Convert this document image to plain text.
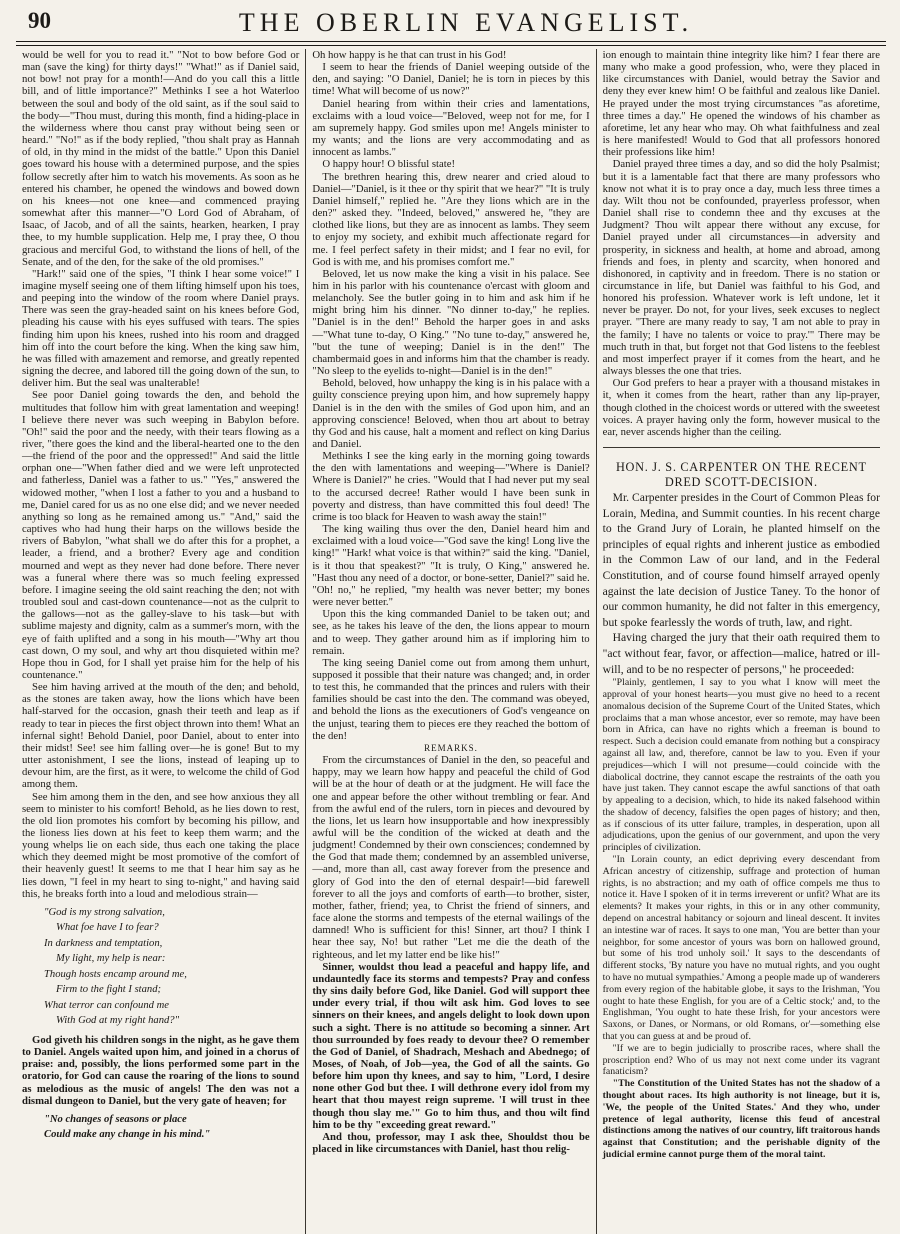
90	THE OBERLIN EVANGELIST.

would be well for you to read it." "Not to bow before God or man (save the king) for thirty days!" "What!" as if Daniel said, not bow! not pray for a month!—And do you call this a little bill, and of little importance?" Methinks I see a hot Waterloo between the soul and body of the old saint, as if the soul said to the body—"Thou must, during this month, find a hiding-place in the wilderness where thou canst pray without being seen or heard." "No!" as if the body replied, "thou shalt pray as Hannah of old, in thy mind in the midst of the battle." Upon this Daniel goes toward his house with a determined purpose, and the spies follow secretly after him to watch his movements. As soon as he entered his chamber, he opened the windows and bowed down on his knees—not one knee—and commenced praying somewhat after this manner—"O Lord God of Abraham, of Isaac, of Jacob, and of all the saints, hearken, hearken, I pray thee, to my humble supplication. Help me, I pray thee, O thou gracious and merciful God, to withstand the lions of hell, of the Senate, and of the den, for the sake of the old promises."

"Hark!" said one of the spies, "I think I hear some voice!" I imagine myself seeing one of them lifting himself upon his toes, and peeping into the window of the room where Daniel prays. There was seen the gray-headed saint on his knees before God, pleading his cause with his eyes suffused with tears. The spies finding him upon his knees, rushed into his room and dragged him off into the court before the king. When the king saw him, he was filled with amazement and remorse, and greatly repented signing the decree, and labored till the going down of the sun, to deliver him. But the seal was unalterable!

See poor Daniel going towards the den, and behold the multitudes that follow him with great lamentation and weeping! I believe there never was such weeping in Babylon before. "Oh!" said the poor and the needy, with their tears flowing as a river, "there goes the kind and the liberal-hearted one to the den—the friend of the poor and the oppressed!" And said the little orphan one—"When father died and we were left unprotected and fatherless, Daniel was a father to us." "Yes," answered the widowed mother, "when I lost a father to you and a husband to me, Daniel cared for us as no one else did; and we never needed anything so long as he remained among us." "And," said the captives who had hung their harps on the willows beside the rivers of Babylon, "what shall we do after this for a prophet, a leader, a friend, and a brother? Every age and condition mourned and wept as they never had done before. There never was a funeral where there was so much feeling expressed before. I imagine seeing the old saint reaching the den; not with troubled soul and cast-down countenance—not as the culprit to the gallows—not as the galley-slave to his task—but with sublime majesty and dignity, calm as a summer's morn, with the eye of faith uplifted and a song in his mouth—"Why art thou cast down, O my soul, and why art thou disquieted within me? Hope thou in God, for I shall yet praise him for the help of his countenance."

See him having arrived at the mouth of the den; and behold, as the stones are taken away, how the lions which have been half-starved for the occasion, gnash their teeth and leap as if ready to tear in pieces the first object thrown into them! What an infernal sight! Behold Daniel, poor Daniel, about to enter into their midst! See! see him falling over—he is gone! But to my utter astonishment, I see the lions, instead of leaping up to devour him, are the first, as it were, to welcome the child of God among them.

See him among them in the den, and see how anxious they all seem to minister to his comfort! Behold, as he lies down to rest, the old lion promotes his comfort by becoming his pillow, and the lioness lies down at his feet to keep them warm; and the young whelps lie on each side, thus each one taking the place which they deemed might be most promotive of the comfort of their heavenly guest! It seems to me that I hear him say as he lies down, "I feel in my heart to sing to-night," and having said this, he breaks forth into a loud and melodious strain—

"God is my strong salvation,
What foe have I to fear?
In darkness and temptation,
My light, my help is near:
Though hosts encamp around me,
Firm to the fight I stand;
What terror can confound me
With God at my right hand?"

God giveth his children songs in the night, as he gave them to Daniel. Angels waited upon him, and joined in a chorus of praise: and, possibly, the lions performed some part in the oratorio, for God can cause the roaring of the lions to sound as melodious as the music of angels! The den was not a dismal dungeon to Daniel, but the very gate of heaven; for

"No changes of seasons or place
Could make any change in his mind."

Oh how happy is he that can trust in his God!

I seem to hear the friends of Daniel weeping outside of the den, and saying: "O Daniel, Daniel; he is torn in pieces by this time! What will become of us now?"

Daniel hearing from within their cries and lamentations, exclaims with a loud voice—"Beloved, weep not for me, for I am supremely happy. God smiles upon me! Angels minister to my wants; and the lions are very accommodating and as innocent as lambs."

O happy hour! O blissful state!

The brethren hearing this, drew nearer and cried aloud to Daniel—"Daniel, is it thee or thy spirit that we hear?" "It is truly Daniel himself," replied he. "Are they lions which are in the den?" asked they. "Indeed, beloved," answered he, "they are clothed like lions, but they are as innocent as lambs. They seem to enjoy my society, and exhibit much affectionate regard for me. I feel perfect safety in their midst; and I fear no evil, for God is with me, and his promises comfort me."

Beloved, let us now make the king a visit in his palace. See him in his parlor with his countenance o'ercast with gloom and melancholy. See the butler going in to him and ask him if he might bring him his dinner. "No dinner to-day," he replies. "Daniel is in the den!" Behold the harper goes in and asks—"What tune to-day, O King." "No tune to-day," answered he, "but the tune of weeping; Daniel is in the den!" The chambermaid goes in and informs him that the chamber is ready. "No sleep to the eyelids to-night—Daniel is in the den!"

Behold, beloved, how unhappy the king is in his palace with a guilty conscience preying upon him, and how supremely happy Daniel is in the den with the smiles of God upon him, and an approving conscience! Beloved, when thou art about to betray thy God and his cause, halt a moment and reflect on king Darius and Daniel.

Methinks I see the king early in the morning going towards the den with lamentations and weeping—"Where is Daniel? Where is Daniel?" he cries. "Would that I had never put my seal to the accursed decree! Rather would I have been sunk in poverty and distress, than have committed this foul deed! The crime is too black for Heaven to wash away the stain!"

The king wailing thus over the den, Daniel heard him and exclaimed with a loud voice—"God save the king! Long live the king!" "Hark! what voice is that within?" said the king. "Daniel, is it thou that speakest?" "It is truly, O King," answered he. "Hast thou any need of a doctor, or bone-setter, Daniel?" said he. "Oh! no," he replied, "my health was never better; my bones were never better."

Upon this the king commanded Daniel to be taken out; and see, as he takes his leave of the den, the lions appear to mourn and to weep. They gather around him as if imploring him to remain.

The king seeing Daniel come out from among them unhurt, supposed it possible that their nature was changed; and, in order to test this, he commanded that the princes and rulers with their families should be cast into the den. The command was obeyed, and behold the lions as the executioners of God's vengeance on the unjust, tearing them to pieces ere they reached the bottom of the den!

REMARKS.

From the circumstances of Daniel in the den, so peaceful and happy, may we learn how happy and peaceful the child of God will be at the hour of death or at the judgment. He will face the one and appear before the other without trembling or fear. And from the awful end of the rulers, torn in pieces and devoured by the lions, let us learn how insupportable and how inexpressibly awful will be the condition of the wicked at death and the judgment! Condemned by their own consciences; condemned by the God that made them; condemned by an assembled universe,—and, more than all, cast away forever from the presence and glory of God into the den of eternal despair!—bid farewell forever to all the joys and comforts of earth—to brother, sister, mother, father, friend; yea, to Christ the friend of sinners, and face alone the storms and tempests of the eternal wailings of the damned! Who is sufficient for this! Sinner, art thou? I think I hear thee say, No! but rather "Let me die the death of the righteous, and let my latter end be like his!"

Sinner, wouldst thou lead a peaceful and happy life, and undauntedly face its storms and tempests? Pray and confess thy sins daily before God, like Daniel. God will support thee under every trial, if thou wilt ask him. God loves to see sinners on their knees, and angels delight to look down upon such a sight. There is no attitude so becoming a sinner. Art thou surrounded by foes ready to devour thee? O remember the God of Daniel, of Shadrach, Meshach and Abednego; of Moses, of Noah, of Job—yea, the God of all the saints. Go before him upon thy knees, and say to him, "Lord, I desire none other God but thee. I will dethrone every idol from my heart that thou mayest reign supreme. 'I will trust in thee though thou slay me.'" Go to him thus, and thou wilt find him to be thy "exceeding great reward."

And thou, professor, may I ask thee, Shouldst thou be placed in like circumstances with Daniel, hast thou relig-

ion enough to maintain thine integrity like him? I fear there are many who make a good profession, who, were they placed in like circumstances with Daniel, would betray the Savior and deny they ever knew him! O be faithful and zealous like Daniel. He prayed under the most trying circumstances "as aforetime, three times a day." He opened the windows of his chamber as aforetime, let any hear who may. Oh what faithfulness and zeal is here manifested! Would to God that all professors honored their professions like him!

Daniel prayed three times a day, and so did the holy Psalmist; but it is a lamentable fact that there are many professors who know not what it is to pray once a day, much less three times a day. Wilt thou not be confounded, prayerless professor, when Daniel shall rise to condemn thee and thy excuses at the Judgment? Thou wilt appear there without any excuse, for Daniel prayed under all circumstances—in adversity and prosperity, in sickness and health, at home and abroad, among friends and foes, in plenty and scarcity, when honored and dishonored, in captivity and in freedom. There is no station or circumstance in life, but Daniel was faithful to his God, and honored his profession. Whatever work is left undone, let it never be prayer. Do not, for your lives, seek excuses to neglect prayer. "There are many ready to say, 'I am not able to pray in the family; I have no talents or voice to pray.'" There may be much truth in that, but forget not that God listens to the feeblest and most imperfect prayer if it comes from the heart, and he always blesses the one that tries.

Our God prefers to hear a prayer with a thousand mistakes in it, when it comes from the heart, rather than any lip-prayer, though clothed in the choicest words or uttered with the sweetest voices. A prayer having only the form, however musical to the ear, never ascends higher than the ceiling.

HON. J. S. CARPENTER ON THE RECENT DRED SCOTT-DECISION.

Mr. Carpenter presides in the Court of Common Pleas for Lorain, Medina, and Summit counties. In his recent charge to the Grand Jury of Lorain, he planted himself on the principles of equal rights and inherent justice as embodied in the Common Law of our land, and in the Federal Constitution, and of course found himself arrayed openly against the late decision of Justice Taney. To the honor of our common humanity, he did not falter in this emergency, but spoke fearlessly the words of truth, law, and right.

Having charged the jury that their oath required them to "act without fear, favor, or affection—malice, hatred or ill-will, and to be no respecter of persons," he proceeded:

"Plainly, gentlemen, I say to you what I know will meet the approval of your honest hearts—you must give no heed to a recent anomalous decision of the Supreme Court of the United States, which proclaims that a man whose ancestor, ever so remote, may have been born in Africa, can have no rights which a freeman is bound to respect. Such a decision could emanate from nothing but a conspiracy against all law, and, therefore, cannot be law to you. Even if your prejudices—which I will not presume—could coincide with the diabolical doctrine, they cannot escape the restraints of the oath you have just taken. They cannot escape the awful sanctions of that oath by appealing to a decision, which, to hide its naked falsehood within the shadow of decency, falsifies the open pages of history; and then, as if conscious of its utter failure, tramples, in desperation, upon all adjudications, upon the genius of our government, and upon the very principles of civilization.

"In Lorain county, an edict depriving every descendant from African ancestry of citizenship, suffrage and protection of human rights, is no abstraction; and my oath of office compels me thus to notice it. Have I spoken of it in terms irreverent or unfit? What are its elements? It makes your rights, in this or in any other community, depend on ancestral habitancy or sojourn and lineal descent. It invites an intestine war of races. It says to one man, 'You are better than your neighbor, for some ancestor of yours was born on hallowed ground, but some of his trod unholy soil.' It says to the descendants of different stocks, 'By nature you have no mutual rights, and you ought to have no mutual sympathies.' Among a people made up of wanderers from every region of the habitable globe, it says to the Irishman, 'You ought to hate these English, for you are of a Celtic stock;' and, to the Englishman, 'You ought to hate these Irish, for your ancestors were Saxons, or Danes, or Normans, or old Romans, or'—something else that you can guess at and be proud of.

"If we are to begin judicially to proscribe races, where shall the proscription end? Who of us may not next come under its vagrant fanaticism?

"The Constitution of the United States has not the shadow of a thought about races. Its high authority is not lineage, but it is, 'We, the people of the United States.' And they who, under pretence of legal authority, license this feud of ancestral distinctions among the natives of our country, lift traitorous hands against that Constitution; and the perishable dignity of the judicial ermine cannot purge them of the moral taint.
